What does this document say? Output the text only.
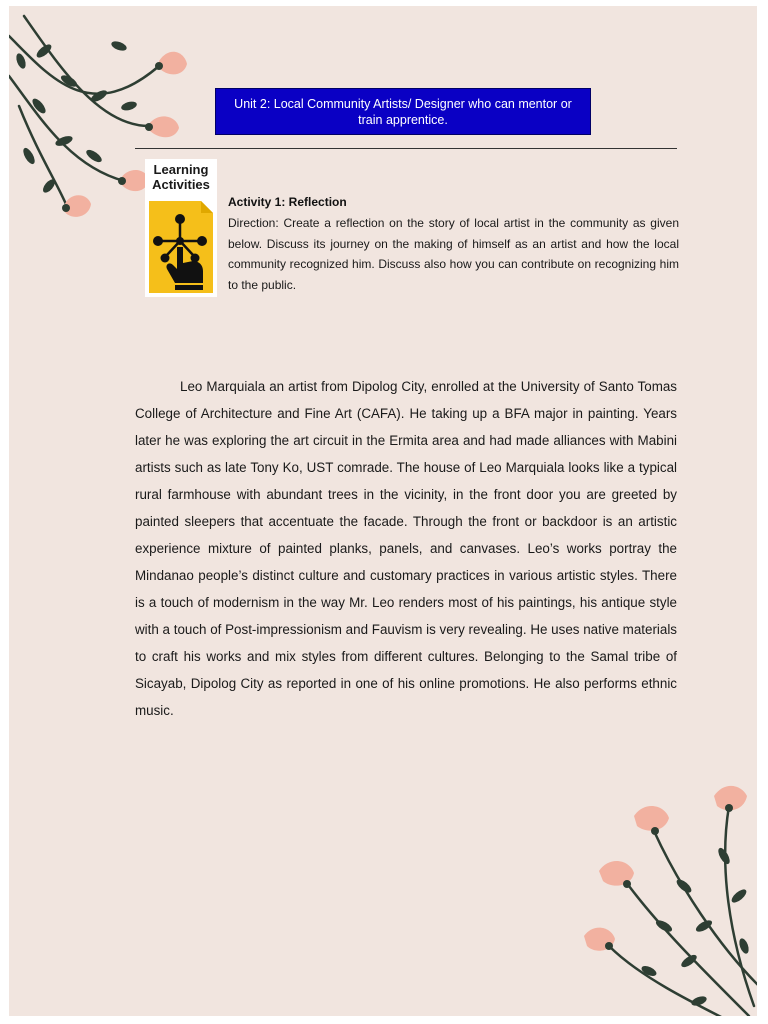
Unit 2: Local Community Artists/ Designer who can mentor or train apprentice.
Learning Activities
Activity 1: Reflection
Direction: Create a reflection on the story of local artist in the community as given below. Discuss its journey on the making of himself as an artist and how the local community recognized him. Discuss also how you can contribute on recognizing him to the public.

Leo Marquiala an artist from Dipolog City, enrolled at the University of Santo Tomas College of Architecture and Fine Art (CAFA). He taking up a BFA major in painting. Years later he was exploring the art circuit in the Ermita area and had made alliances with Mabini artists such as late Tony Ko, UST comrade. The house of Leo Marquiala looks like a typical rural farmhouse with abundant trees in the vicinity, in the front door you are greeted by painted sleepers that accentuate the facade. Through the front or backdoor is an artistic experience mixture of painted planks, panels, and canvases. Leo’s works portray the Mindanao people’s distinct culture and customary practices in various artistic styles. There is a touch of modernism in the way Mr. Leo renders most of his paintings, his antique style with a touch of Post-impressionism and Fauvism is very revealing. He uses native materials to craft his works and mix styles from different cultures. Belonging to the Samal tribe of Sicayab, Dipolog City as reported in one of his online promotions. He also performs ethnic music.
